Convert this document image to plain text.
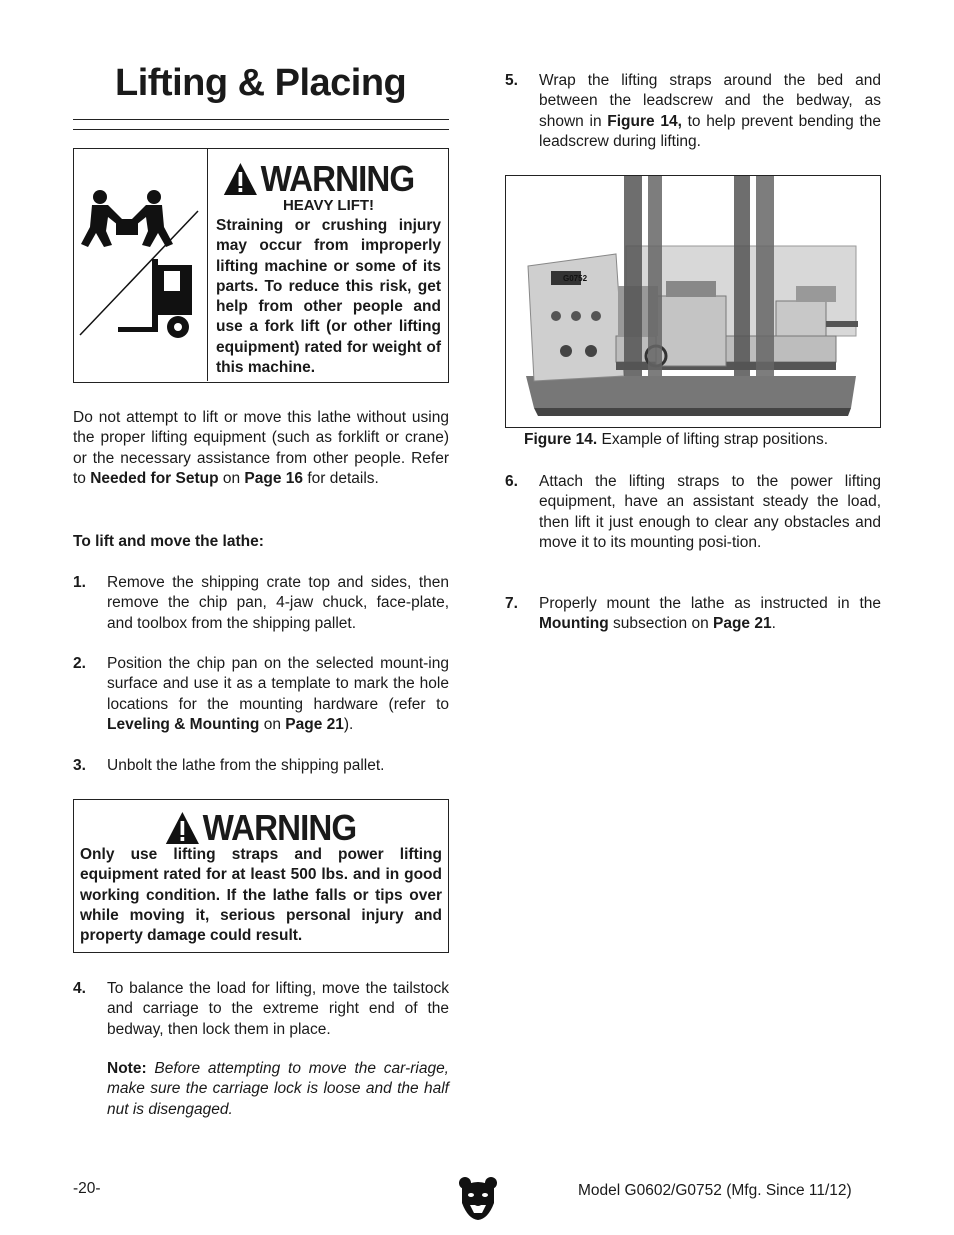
Lifting & Placing
WARNING
HEAVY LIFT!
Straining or crushing injury may occur from improperly lifting machine or some of its parts. To reduce this risk, get help from other people and use a fork lift (or other lifting equipment) rated for weight of this machine.
Do not attempt to lift or move this lathe without using the proper lifting equipment (such as forklift or crane) or the necessary assistance from other people. Refer to Needed for Setup on Page 16 for details.
To lift and move the lathe:
1. Remove the shipping crate top and sides, then remove the chip pan, 4-jaw chuck, face-plate, and toolbox from the shipping pallet.
2. Position the chip pan on the selected mount-ing surface and use it as a template to mark the hole locations for the mounting hardware (refer to Leveling & Mounting on Page 21).
3. Unbolt the lathe from the shipping pallet.
WARNING
Only use lifting straps and power lifting equipment rated for at least 500 lbs. and in good working condition. If the lathe falls or tips over while moving it, serious personal injury and property damage could result.
4. To balance the load for lifting, move the tailstock and carriage to the extreme right end of the bedway, then lock them in place.
Note: Before attempting to move the car-riage, make sure the carriage lock is loose and the half nut is disengaged.
5. Wrap the lifting straps around the bed and between the leadscrew and the bedway, as shown in Figure 14, to help prevent bending the leadscrew during lifting.
G0752
Figure 14. Example of lifting strap positions.
6. Attach the lifting straps to the power lifting equipment, have an assistant steady the load, then lift it just enough to clear any obstacles and move it to its mounting posi-tion.
7. Properly mount the lathe as instructed in the Mounting subsection on Page 21.
-20-	Model G0602/G0752 (Mfg. Since 11/12)
